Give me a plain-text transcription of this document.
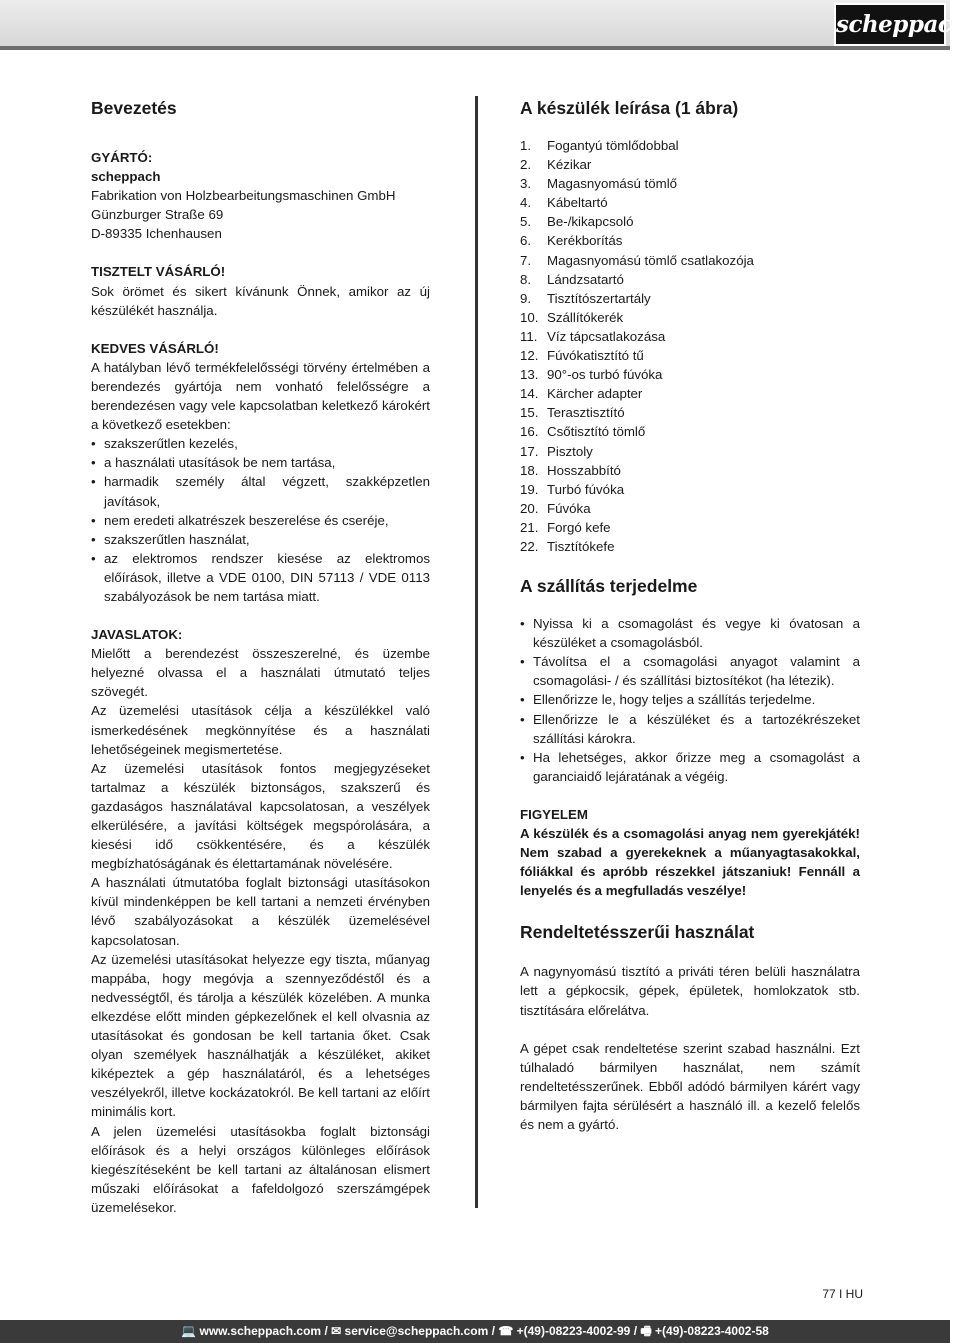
scheppach
Bevezetés

GYÁRTÓ:

scheppach

Fabrikation von Holzbearbeitungsmaschinen GmbH

Günzburger Straße 69

D-89335 Ichenhausen

TISZTELT VÁSÁRLÓ!

Sok örömet és sikert kívánunk Önnek, amikor az új készülékét használja.

KEDVES VÁSÁRLÓ!

A hatályban lévő termékfelelősségi törvény értelmében a berendezés gyártója nem vonható felelősségre a berendezésen vagy vele kapcsolatban keletkező károkért a következő esetekben:

• szakszerűtlen kezelés,
• a használati utasítások be nem tartása,
• harmadik személy által végzett, szakképzetlen javítások,
• nem eredeti alkatrészek beszerelése és cseréje,
• szakszerűtlen használat,
• az elektromos rendszer kiesése az elektromos előírások, illetve a VDE 0100, DIN 57113 / VDE 0113 szabályozások be nem tartása miatt.

JAVASLATOK:

Mielőtt a berendezést összeszerelné, és üzembe helyezné olvassa el a használati útmutató teljes szövegét.

Az üzemelési utasítások célja a készülékkel való ismerkedésének megkönnyítése és a használati lehetőségeinek megismertetése.

Az üzemelési utasítások fontos megjegyzéseket tartalmaz a készülék biztonságos, szakszerű és gazdaságos használatával kapcsolatosan, a veszélyek elkerülésére, a javítási költségek megspórolására, a kiesési idő csökkentésére, és a készülék megbízhatóságának és élettartamának növelésére.

A használati útmutatóba foglalt biztonsági utasításokon kívül mindenképpen be kell tartani a nemzeti érvényben lévő szabályozásokat a készülék üzemelésével kapcsolatosan.

Az üzemelési utasításokat helyezze egy tiszta, műanyag mappába, hogy megóvja a szennyeződéstől és a nedvességtől, és tárolja a készülék közelében. A munka elkezdése előtt minden gépkezelőnek el kell olvasnia az utasításokat és gondosan be kell tartania őket. Csak olyan személyek használhatják a készüléket, akiket kiképeztek a gép használatáról, és a lehetséges veszélyekről, illetve kockázatokról. Be kell tartani az előírt minimális kort.

A jelen üzemelési utasításokba foglalt biztonsági előírások és a helyi országos különleges előírások kiegészítéseként be kell tartani az általánosan elismert műszaki előírásokat a fafeldolgozó szerszámgépek üzemelésekor.

A készülék leírása (1 ábra)
1.	Fogantyú tömlődobbal
2.	Kézikar
3.	Magasnyomású tömlő
4.	Kábeltartó
5.	Be-/kikapcsoló
6.	Kerékborítás
7.	Magasnyomású tömlő csatlakozója
8.	Lándzsatartó
9.	Tisztítószertartály
10. Szállítókerék
11. Víz tápcsatlakozása
12. Fúvókatisztító tű
13. 90°-os turbó fúvóka
14. Kärcher adapter
15. Terasztisztító
16. Csőtisztító tömlő
17. Pisztoly
18. Hosszabbító
19. Turbó fúvóka
20. Fúvóka
21. Forgó kefe
22. Tisztítókefe
A szállítás terjedelme
• Nyissa ki a csomagolást és vegye ki óvatosan a készüléket a csomagolásból.
• Távolítsa el a csomagolási anyagot valamint a csomagolási- / és szállítási biztosítékot (ha létezik).
• Ellenőrizze le, hogy teljes a szállítás terjedelme.
• Ellenőrizze le a készüléket és a tartozékrészeket szállítási károkra.
• Ha lehetséges, akkor őrizze meg a csomagolást a garanciaidő lejáratának a végéig.

FIGYELEM

A készülék és a csomagolási anyag nem gyerekjáték! Nem szabad a gyerekeknek a műanyagtasakokkal, fóliákkal és apróbb részekkel játszaniuk! Fennáll a lenyelés és a megfulladás veszélye!

Rendeltetésszerűi használat

A nagynyomású tisztító a priváti téren belüli használatra lett a gépkocsik, gépek, épületek, homlokzatok stb. tisztítására előrelátva.

A gépet csak rendeltetése szerint szabad használni. Ezt túlhaladó bármilyen használat, nem számít rendeltetésszerűnek. Ebből adódó bármilyen kárért vagy bármilyen fajta sérülésért a használó ill. a kezelő felelős és nem a gyártó.

77 I HU
💻 www.scheppach.com / ✉ service@scheppach.com / ☎ +(49)-08223-4002-99 / 🖷 +(49)-08223-4002-58
